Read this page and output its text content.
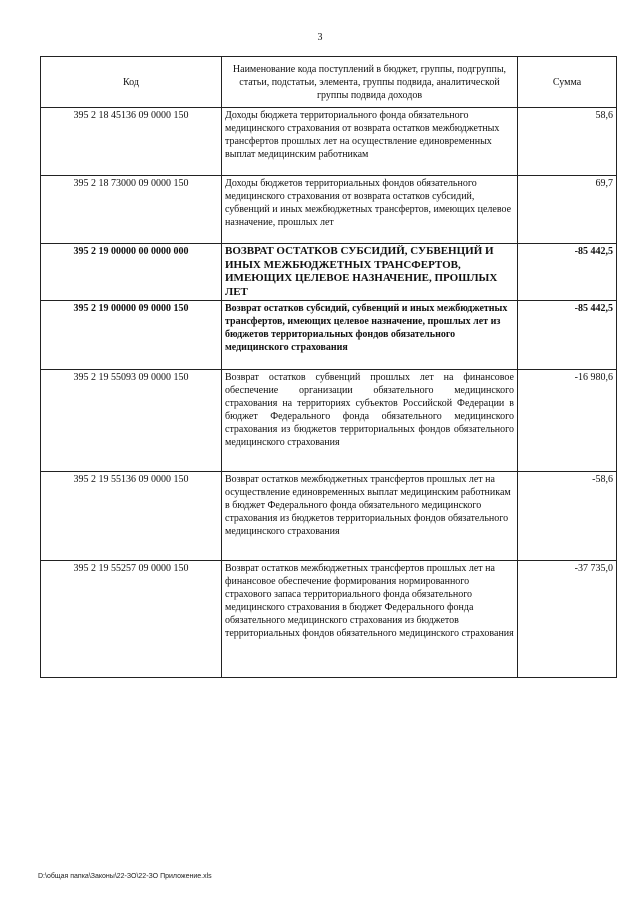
3
Код	Наименование кода поступлений в бюджет, группы, подгруппы, статьи, подстатьи, элемента, группы подвида, аналитической группы подвида доходов	Сумма
395 2 18 45136 09 0000 150	Доходы бюджета территориального фонда обязательного медицинского страхования от возврата остатков межбюджетных трансфертов прошлых лет на осуществление единовременных выплат медицинским работникам	58,6
395 2 18 73000 09 0000 150	Доходы бюджетов территориальных фондов обязательного медицинского страхования от возврата остатков субсидий, субвенций и иных межбюджетных трансфертов, имеющих целевое назначение, прошлых лет	69,7
395 2 19 00000 00 0000 000	ВОЗВРАТ ОСТАТКОВ СУБСИДИЙ, СУБВЕНЦИЙ И ИНЫХ МЕЖБЮДЖЕТНЫХ ТРАНСФЕРТОВ, ИМЕЮЩИХ ЦЕЛЕВОЕ НАЗНАЧЕНИЕ, ПРОШЛЫХ ЛЕТ	-85 442,5
395 2 19 00000 09 0000 150	Возврат остатков субсидий, субвенций и иных межбюджетных трансфертов, имеющих целевое назначение, прошлых лет из бюджетов территориальных фондов обязательного медицинского страхования	-85 442,5
395 2 19 55093 09 0000 150	Возврат остатков субвенций прошлых лет на финансовое обеспечение организации обязательного медицинского страхования на территориях субъектов Российской Федерации в бюджет Федерального фонда обязательного медицинского страхования из бюджетов территориальных фондов обязательного медицинского страхования	-16 980,6
395 2 19 55136 09 0000 150	Возврат остатков межбюджетных трансфертов прошлых лет на осуществление единовременных выплат медицинским работникам в бюджет Федерального фонда обязательного медицинского страхования из бюджетов территориальных фондов обязательного медицинского страхования	-58,6
395 2 19 55257 09 0000 150	Возврат остатков межбюджетных трансфертов прошлых лет на финансовое обеспечение формирования нормированного страхового запаса территориального фонда обязательного медицинского страхования в бюджет Федерального фонда обязательного медицинского страхования из бюджетов территориальных фондов обязательного медицинского страхования	-37 735,0
D:\общая папка\Законы\22-ЗО\22-ЗО Приложение.xls
